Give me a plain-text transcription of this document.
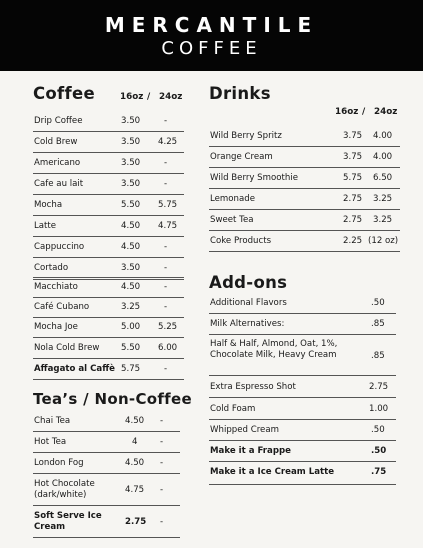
MERCANTILE
COFFEE
Coffee	16oz / 24oz
Drip Coffee	3.50	-
Cold Brew	3.50 4.25
Americano	3.50	-
Cafe au lait	3.50	-
Mocha	5.50 5.75
Latte	4.50 4.75
Cappuccino	4.50	-
Cortado	3.50	-
Macchiato	4.50	-
Café Cubano	3.25	-
Mocha Joe	5.00 5.25
Nola Cold Brew	5.50 6.00
Affagato al Caffè 5.75	-
Tea’s / Non-Coffee
Chai Tea	4.50 -
Hot Tea	4	-
London Fog	4.50 -
Hot Chocolate (dark/white)	4.75 -
Soft Serve Ice Cream	2.75 -
Drinks
16oz / 24oz
Wild Berry Spritz	3.75 4.00
Orange Cream	3.75 4.00
Wild Berry Smoothie	5.75 6.50
Lemonade	2.75 3.25
Sweet Tea	2.75 3.25
Coke Products	2.25 (12 oz)
Add-ons
Additional Flavors	.50
Milk Alternatives:	.85
Half & Half, Almond, Oat, 1%, Chocolate Milk, Heavy Cream	.85
Extra Espresso Shot	2.75
Cold Foam	1.00
Whipped Cream	.50
Make it a Frappe	.50
Make it a Ice Cream Latte	.75
